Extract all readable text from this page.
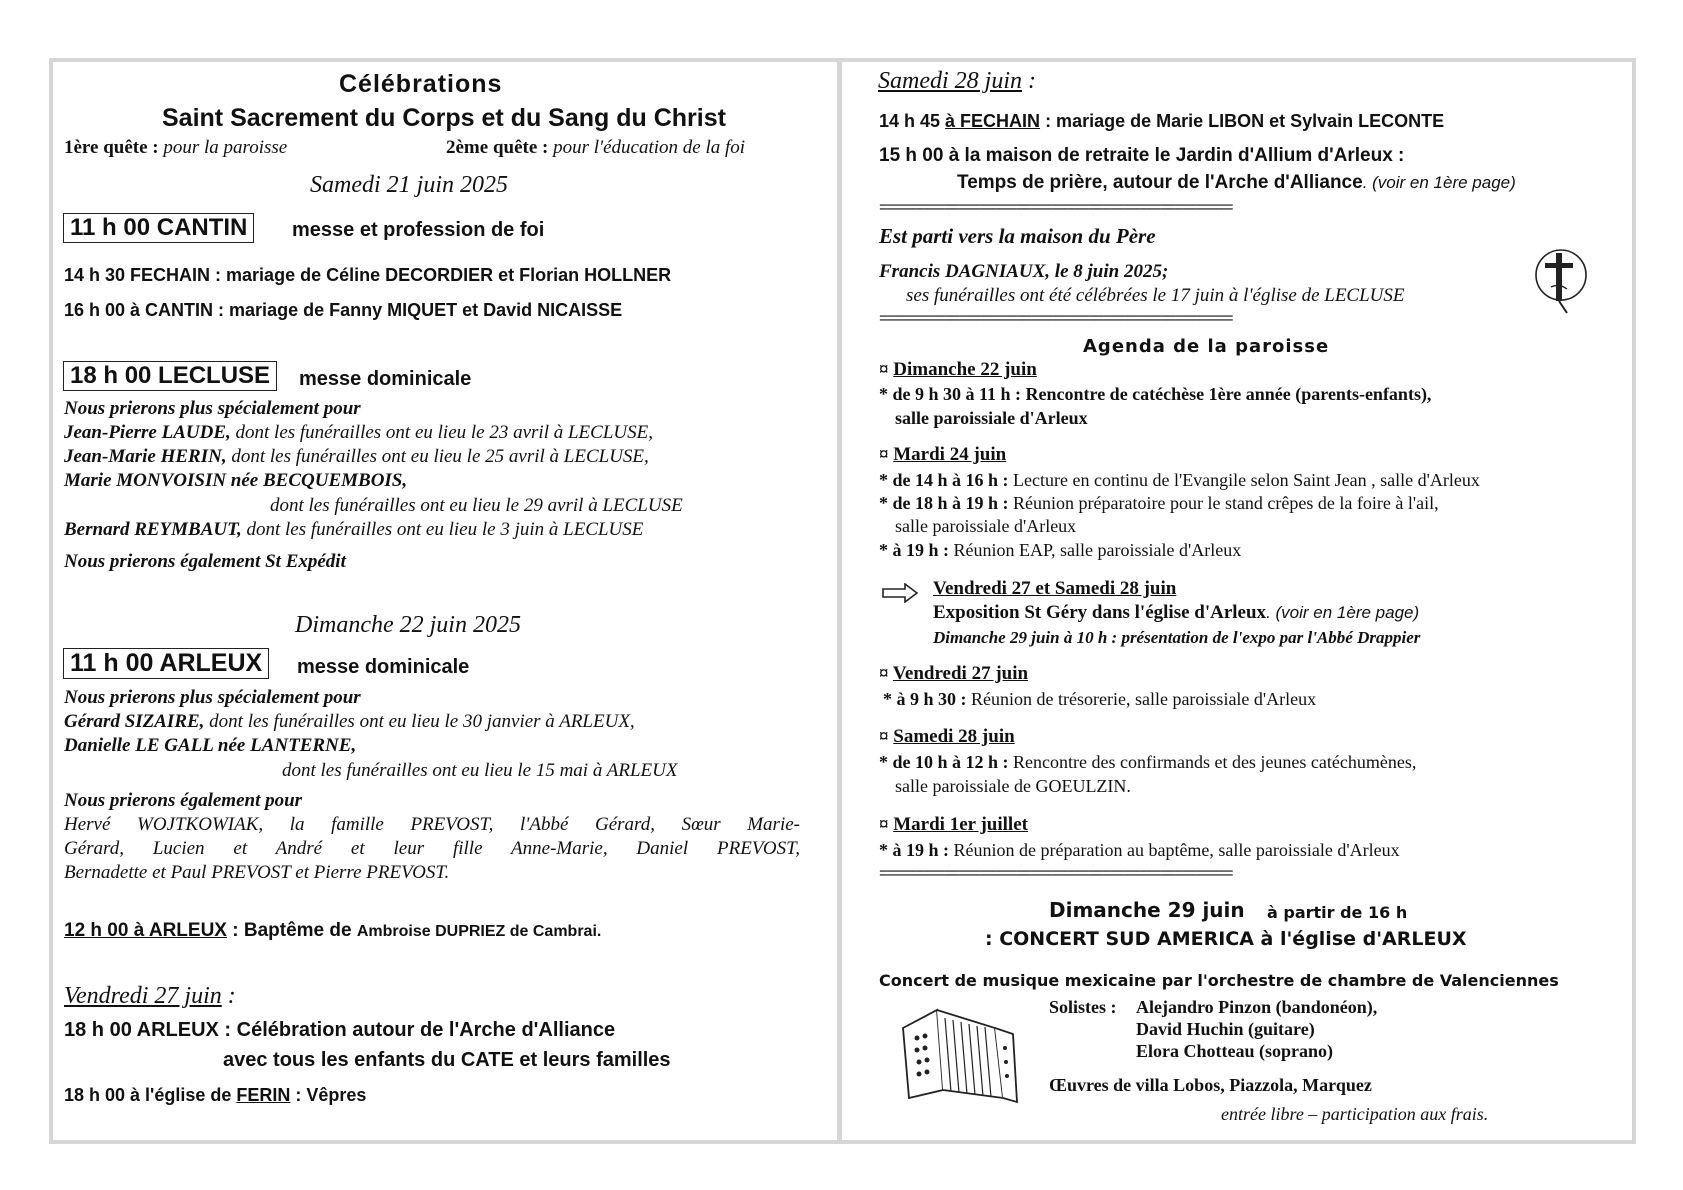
Célébrations
Saint Sacrement du Corps et du Sang du Christ
1ère quête : pour la paroisse	2ème quête : pour l'éducation de la foi
Samedi 21 juin 2025
11 h 00 CANTIN	messe et profession de foi
14 h 30 FECHAIN : mariage de Céline DECORDIER et Florian HOLLNER
16 h 00 à CANTIN : mariage de Fanny MIQUET et David NICAISSE
18 h 00 LECLUSE	messe dominicale
Nous prierons plus spécialement pour
Jean-Pierre LAUDE, dont les funérailles ont eu lieu le 23 avril à LECLUSE,
Jean-Marie HERIN, dont les funérailles ont eu lieu le 25 avril à LECLUSE,
Marie MONVOISIN née BECQUEMBOIS,
dont les funérailles ont eu lieu le 29 avril à LECLUSE
Bernard REYMBAUT, dont les funérailles ont eu lieu le 3 juin à LECLUSE
Nous prierons également St Expédit
Dimanche 22 juin 2025
11 h 00 ARLEUX	messe dominicale
Nous prierons plus spécialement pour
Gérard SIZAIRE, dont les funérailles ont eu lieu le 30 janvier à ARLEUX,
Danielle LE GALL née LANTERNE,
dont les funérailles ont eu lieu le 15 mai à ARLEUX
Nous prierons également pour
Hervé WOJTKOWIAK, la famille PREVOST, l'Abbé Gérard, Sœur Marie-
Gérard, Lucien et André et leur fille Anne-Marie, Daniel PREVOST,
Bernadette et Paul PREVOST et Pierre PREVOST.
12 h 00 à ARLEUX : Baptême de Ambroise DUPRIEZ de Cambrai.
Vendredi 27 juin :
18 h 00 ARLEUX : Célébration autour de l'Arche d'Alliance
avec tous les enfants du CATE et leurs familles
18 h 00 à l'église de FERIN : Vêpres
Samedi 28 juin :
14 h 45 à FECHAIN : mariage de Marie LIBON et Sylvain LECONTE
15 h 00 à la maison de retraite le Jardin d'Allium d'Arleux :
Temps de prière, autour de l'Arche d'Alliance. (voir en 1ère page)
=================================================
Est parti vers la maison du Père
Francis DAGNIAUX, le 8 juin 2025;
ses funérailles ont été célébrées le 17 juin à l'église de LECLUSE
=================================================
Agenda de la paroisse
¤ Dimanche 22 juin
* de 9 h 30 à 11 h : Rencontre de catéchèse 1ère année (parents-enfants),
salle paroissiale d'Arleux
¤ Mardi 24 juin
* de 14 h à 16 h : Lecture en continu de l'Evangile selon Saint Jean , salle d'Arleux
* de 18 h à 19 h : Réunion préparatoire pour le stand crêpes de la foire à l'ail,
salle paroissiale d'Arleux
* à 19 h : Réunion EAP, salle paroissiale d'Arleux
Vendredi 27 et Samedi 28 juin
Exposition St Géry dans l'église d'Arleux. (voir en 1ère page)
Dimanche 29 juin à 10 h : présentation de l'expo par l'Abbé Drappier
¤ Vendredi 27 juin
* à 9 h 30 : Réunion de trésorerie, salle paroissiale d'Arleux
¤ Samedi 28 juin
* de 10 h à 12 h : Rencontre des confirmands et des jeunes catéchumènes,
salle paroissiale de GOEULZIN.
¤ Mardi 1er juillet
* à 19 h : Réunion de préparation au baptême, salle paroissiale d'Arleux
=================================================
Dimanche 29 juin à partir de 16 h
: CONCERT SUD AMERICA à l'église d'ARLEUX
Concert de musique mexicaine par l'orchestre de chambre de Valenciennes
Solistes : Alejandro Pinzon (bandonéon),
David Huchin (guitare)
Elora Chotteau (soprano)
Œuvres de villa Lobos, Piazzola, Marquez
entrée libre – participation aux frais.
